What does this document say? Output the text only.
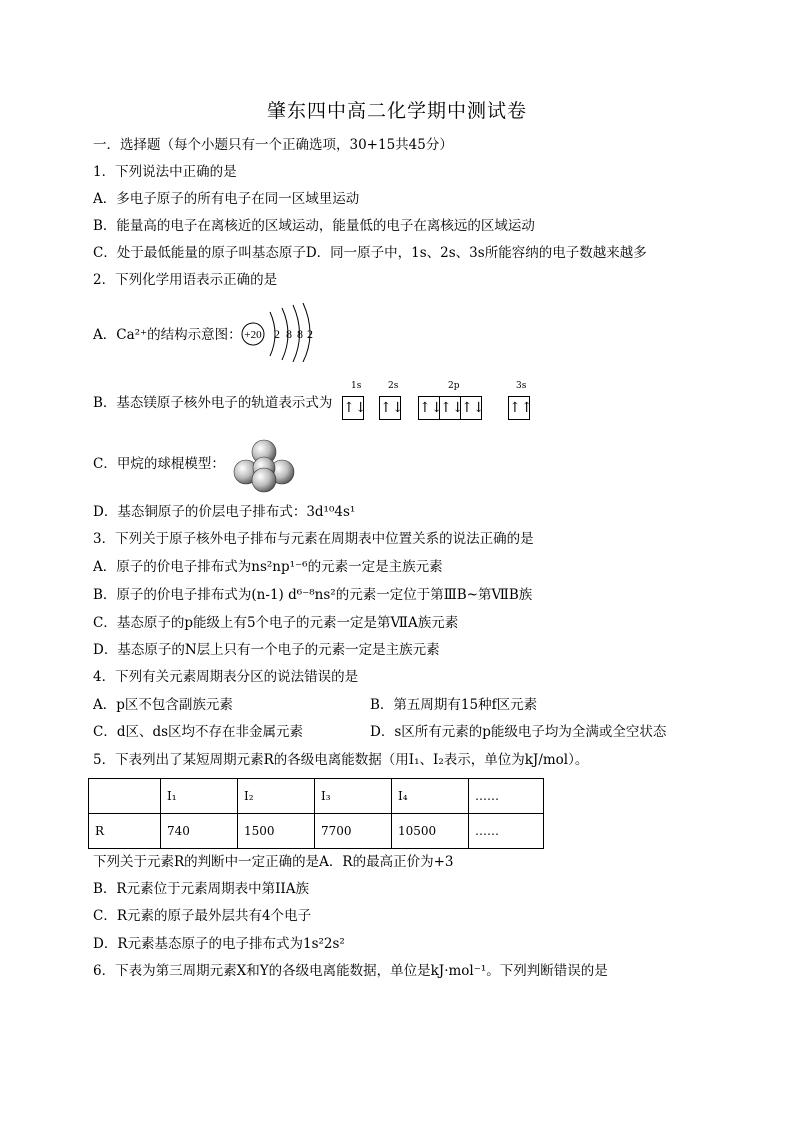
肇东四中高二化学期中测试卷
一．选择题（每个小题只有一个正确选项，30+15共45分）
1．下列说法中正确的是
A．多电子原子的所有电子在同一区域里运动
B．能量高的电子在离核近的区域运动，能量低的电子在离核远的区域运动
C．处于最低能量的原子叫基态原子D．同一原子中，1s、2s、3s所能容纳的电子数越来越多
2．下列化学用语表示正确的是
A．Ca²⁺的结构示意图： +20 2 8 8 2
B．基态镁原子核外电子的轨道表示式为
1s	2s	2p	3s
↑↓ ↑↓ ↑↓↑↓↑↓ ↑↑
C．甲烷的球棍模型：
D．基态铜原子的价层电子排布式：3d¹⁰4s¹
3．下列关于原子核外电子排布与元素在周期表中位置关系的说法正确的是
A．原子的价电子排布式为ns²np¹⁻⁶的元素一定是主族元素
B．原子的价电子排布式为(n-1) d⁶⁻⁸ns²的元素一定位于第ⅢB~第ⅦB族
C．基态原子的p能级上有5个电子的元素一定是第ⅦA族元素
D．基态原子的N层上只有一个电子的元素一定是主族元素
4．下列有关元素周期表分区的说法错误的是
A．p区不包含副族元素	B．第五周期有15种f区元素
C．d区、ds区均不存在非金属元素	D．s区所有元素的p能级电子均为全满或全空状态
5．下表列出了某短周期元素R的各级电离能数据（用I₁、I₂表示，单位为kJ/mol）。
	I₁	I₂	I₃	I₄	……
R	740	1500	7700	10500	……
下列关于元素R的判断中一定正确的是A．R的最高正价为+3
B．R元素位于元素周期表中第IIA族
C．R元素的原子最外层共有4个电子
D．R元素基态原子的电子排布式为1s²2s²
6．下表为第三周期元素X和Y的各级电离能数据，单位是kJ·mol⁻¹。下列判断错误的是
